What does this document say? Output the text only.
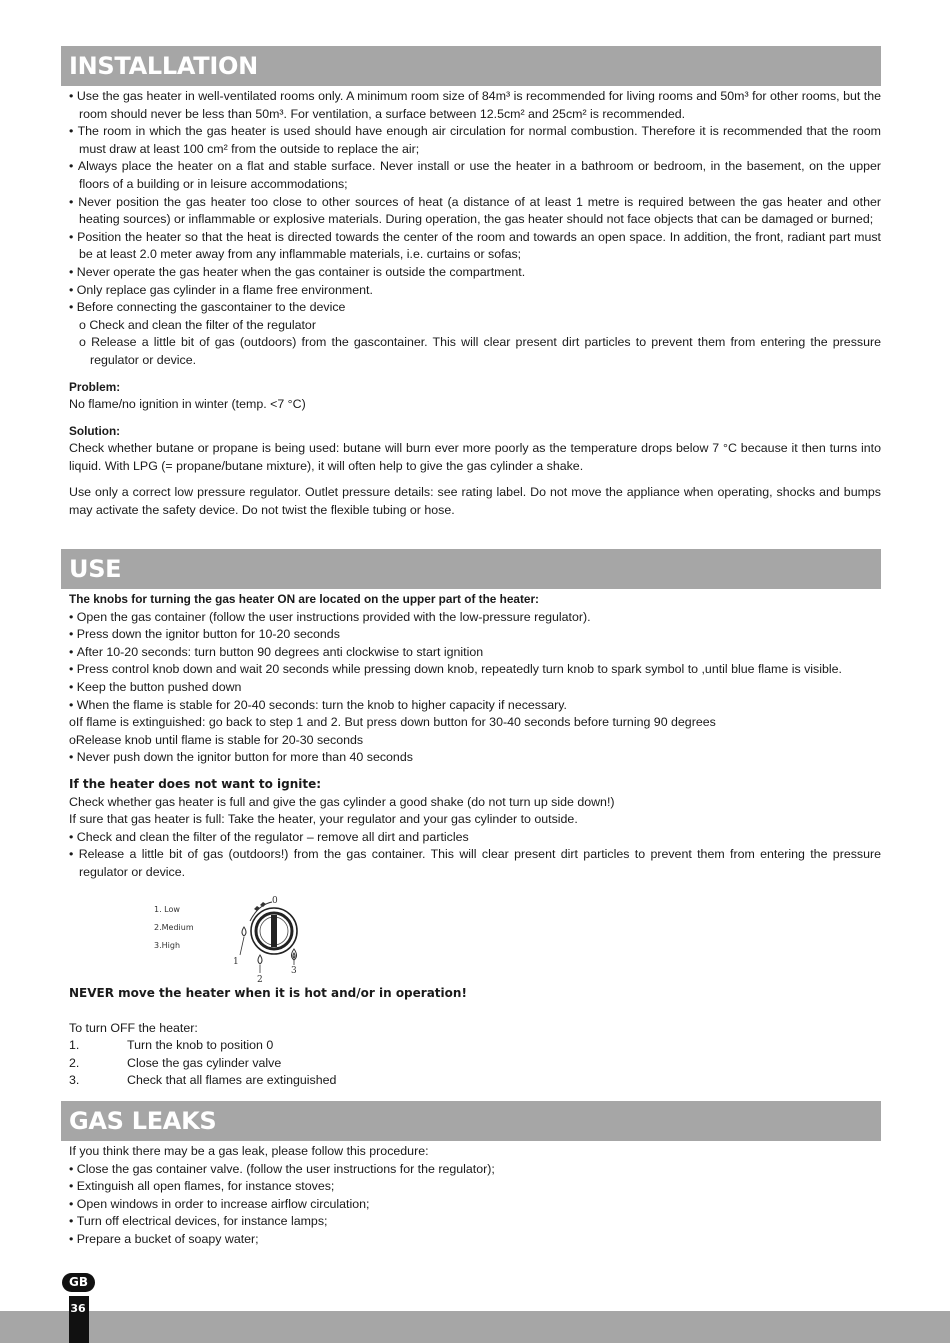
INSTALLATION
• Use the gas heater in well-ventilated rooms only. A minimum room size of 84m³ is recommended for living rooms and 50m³ for other rooms, but the room should never be less than 50m³. For ventilation, a surface between 12.5cm² and 25cm² is recommended.
• The room in which the gas heater is used should have enough air circulation for normal combustion. Therefore it is recommended that the room must draw at least 100 cm² from the outside to replace the air;
• Always place the heater on a flat and stable surface. Never install or use the heater in a bathroom or bedroom, in the basement, on the upper floors of a building or in leisure accommodations;
• Never position the gas heater too close to other sources of heat (a distance of at least 1 metre is required between the gas heater and other heating sources) or inflammable or explosive materials. During operation, the gas heater should not face objects that can be damaged or burned;
• Position the heater so that the heat is directed towards the center of the room and towards an open space. In addition, the front, radiant part must be at least 2.0 meter away from any inflammable materials, i.e. curtains or sofas;
• Never operate the gas heater when the gas container is outside the compartment.
• Only replace gas cylinder in a flame free environment.
• Before connecting the gascontainer to the device
o Check and clean the filter of the regulator
o Release a little bit of gas (outdoors) from the gascontainer. This will clear present dirt particles to prevent them from entering the pressure regulator or device.
Problem:
No flame/no ignition in winter (temp. <7 °C)
Solution:
Check whether butane or propane is being used: butane will burn ever more poorly as the temperature drops below 7 °C because it then turns into liquid. With LPG (= propane/butane mixture), it will often help to give the gas cylinder a shake.
Use only a correct low pressure regulator. Outlet pressure details: see rating label. Do not move the appliance when operating, shocks and bumps may activate the safety device. Do not twist the flexible tubing or hose.
USE
The knobs for turning the gas heater ON are located on the upper part of the heater:
• Open the gas container (follow the user instructions provided with the low-pressure regulator).
• Press down the ignitor button for 10-20 seconds
• After 10-20 seconds: turn button 90 degrees anti clockwise to start ignition
• Press control knob down and wait 20 seconds while pressing down knob, repeatedly turn knob to spark symbol to ,until blue flame is visible.
• Keep the button pushed down
• When the flame is stable for 20-40 seconds: turn the knob to higher capacity if necessary.
o If flame is extinguished: go back to step 1 and 2. But press down button for 30-40 seconds before turning 90 degrees
o Release knob until flame is stable for 20-30 seconds
• Never push down the ignitor button for more than 40 seconds
If the heater does not want to ignite:
Check whether gas heater is full and give the gas cylinder a good shake (do not turn up side down!)
If sure that gas heater is full: Take the heater, your regulator and your gas cylinder to outside.
• Check and clean the filter of the regulator – remove all dirt and particles
• Release a little bit of gas (outdoors!) from the gas container. This will clear present dirt particles to prevent them from entering the pressure regulator or device.
1. Low
2.Medium
3.High
0
1
2
3
NEVER move the heater when it is hot and/or in operation!
To turn OFF the heater:
1.	Turn the knob to position 0
2.	Close the gas cylinder valve
3.	Check that all flames are extinguished
GAS LEAKS
If you think there may be a gas leak, please follow this procedure:
• Close the gas container valve. (follow the user instructions for the regulator);
• Extinguish all open flames, for instance stoves;
• Open windows in order to increase airflow circulation;
• Turn off electrical devices, for instance lamps;
• Prepare a bucket of soapy water;
GB
36
